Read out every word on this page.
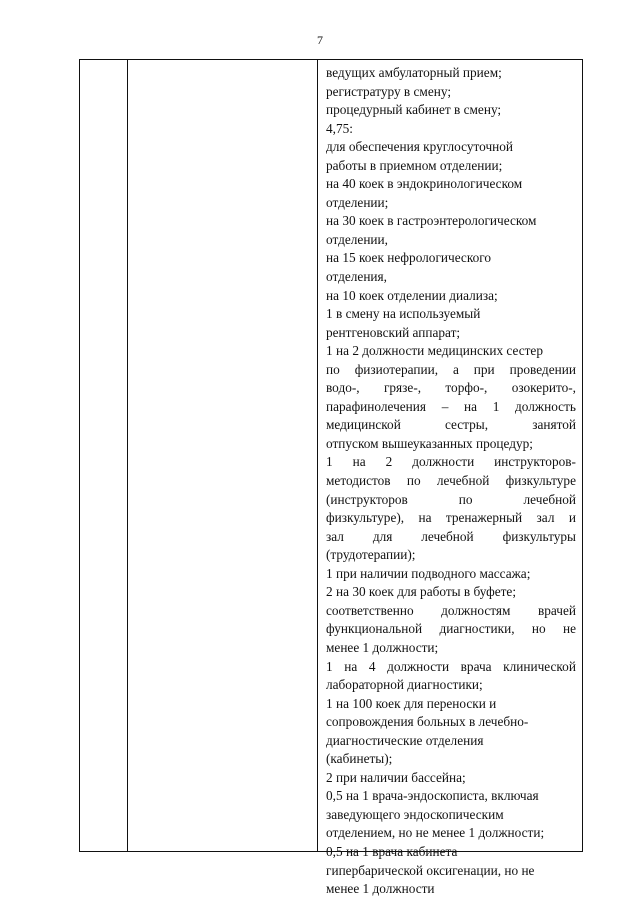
7
ведущих амбулаторный прием;
регистратуру в смену;
процедурный кабинет в смену;
4,75:
для обеспечения круглосуточной
работы в приемном отделении;
на 40 коек в эндокринологическом
отделении;
на 30 коек в гастроэнтерологическом
отделении,
на 15 коек нефрологического
отделения,
на 10 коек отделении диализа;
1 в смену на используемый
рентгеновский аппарат;
1 на 2 должности медицинских сестер
по физиотерапии, а при проведении
водо-, грязе-, торфо-, озокерито-,
парафинолечения – на 1 должность
медицинской	сестры,	занятой
отпуском вышеуказанных процедур;
1 на 2 должности инструкторов-
методистов по лечебной физкультуре
(инструкторов	по	лечебной
физкультуре), на тренажерный зал и
зал для лечебной физкультуры
(трудотерапии);
1 при наличии подводного массажа;
2 на 30 коек для работы в буфете;
соответственно должностям врачей
функциональной диагностики, но не
менее 1 должности;
1 на 4 должности врача клинической
лабораторной диагностики;
1 на 100 коек для переноски и
сопровождения больных в лечебно-
диагностические отделения
(кабинеты);
2 при наличии бассейна;
0,5 на 1 врача-эндоскописта, включая
заведующего эндоскопическим
отделением, но не менее 1 должности;
0,5 на 1 врача кабинета
гипербарической оксигенации, но не
менее 1 должности
